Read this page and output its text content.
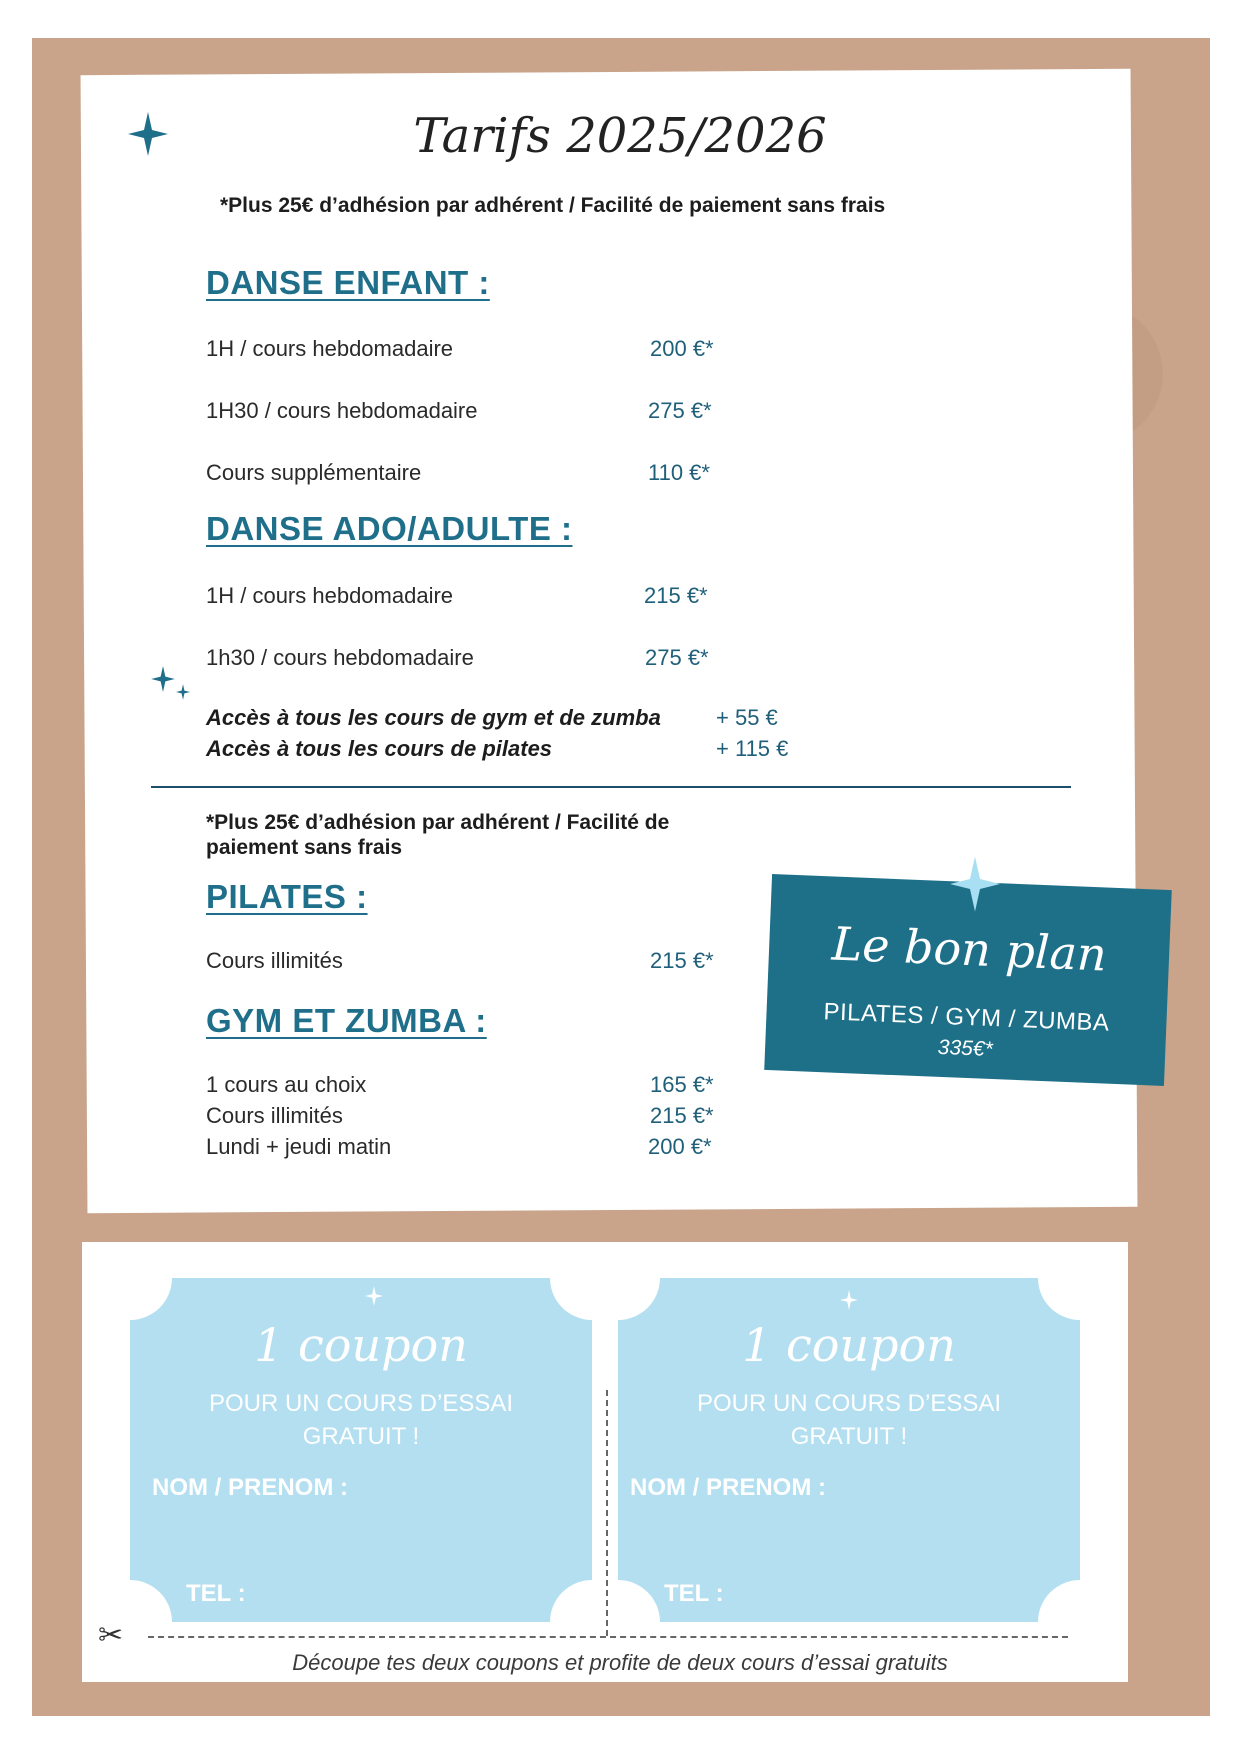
Tarifs 2025/2026
*Plus 25€ d’adhésion par adhérent / Facilité de paiement sans frais
DANSE ENFANT :
1H / cours hebdomadaire	200 €*
1H30 / cours hebdomadaire	275 €*
Cours supplémentaire	110 €*
DANSE ADO/ADULTE :
1H / cours hebdomadaire	215 €*
1h30 / cours hebdomadaire	275 €*
Accès à tous les cours de gym et de zumba	+ 55 €
Accès à tous les cours de pilates	+ 115 €
*Plus 25€ d’adhésion par adhérent / Facilité de
paiement sans frais
PILATES :
Cours illimités	215 €*
GYM ET ZUMBA :
1 cours au choix	165 €*
Cours illimités	215 €*
Lundi + jeudi matin	200 €*
Le bon plan
PILATES / GYM / ZUMBA
335€*
1 coupon
POUR UN COURS D’ESSAI
GRATUIT !
NOM / PRENOM :
TEL :
1 coupon
POUR UN COURS D’ESSAI
GRATUIT !
NOM / PRENOM :
TEL :
✂
Découpe tes deux coupons et profite de deux cours d’essai gratuits
